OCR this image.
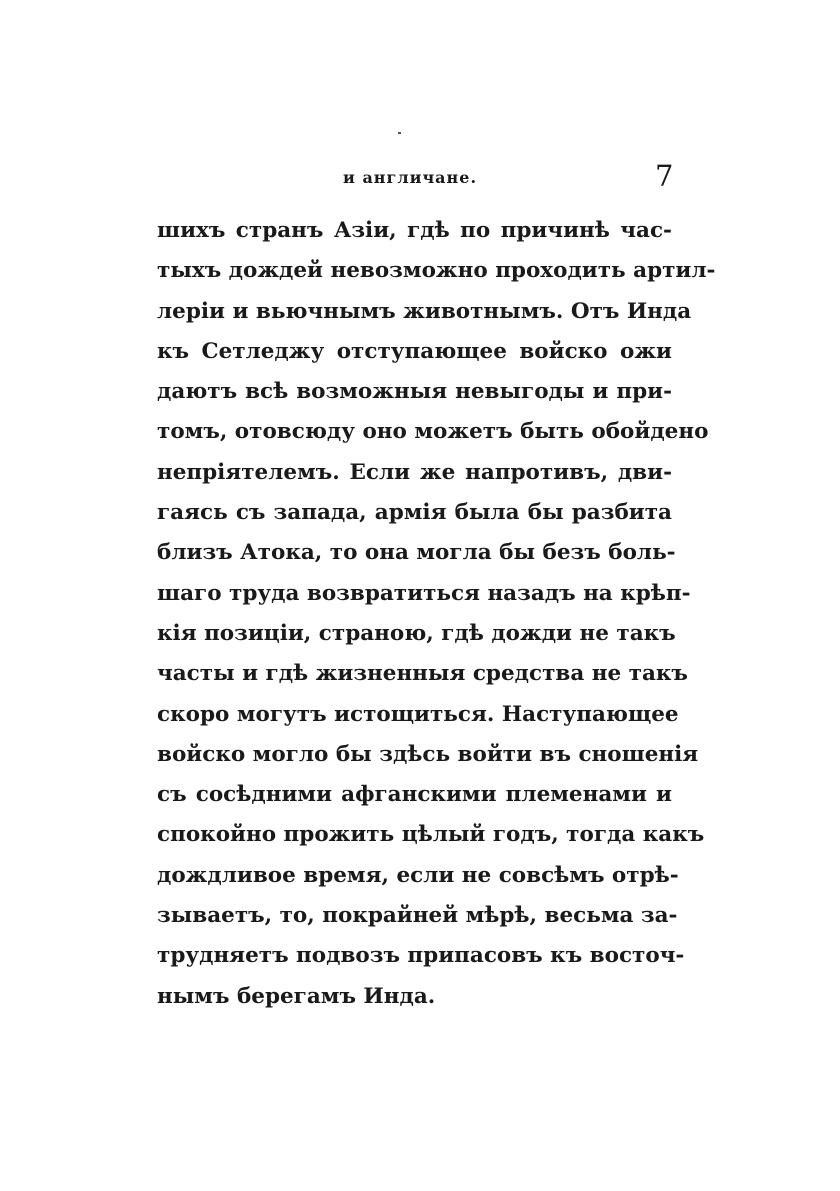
и англичане.	7
шихъ странъ Азіи, гдѣ по причинѣ час-
тыхъ дождей невозможно проходить артил-
леріи и вьючнымъ животнымъ. Отъ Инда
къ Сетледжу отступающее войско ожи
даютъ всѣ возможныя невыгоды и при-
томъ, отовсюду оно можетъ быть обойдено
непріятелемъ. Если же напротивъ, дви-
гаясь съ запада, армія была бы разбита
близъ Атока, то она могла бы безъ боль-
шаго труда возвратиться назадъ на крѣп-
кія позиціи, страною, гдѣ дожди не такъ
часты и гдѣ жизненныя средства не такъ
скоро могутъ истощиться. Наступающее
войско могло бы здѣсь войти въ сношенія
съ сосѣдними афганскими племенами и
спокойно прожить цѣлый годъ, тогда какъ
дождливое время, если не совсѣмъ отрѣ-
зываетъ, то, покрайней мѣрѣ, весьма за-
трудняетъ подвозъ припасовъ къ восточ-
нымъ берегамъ Инда.
